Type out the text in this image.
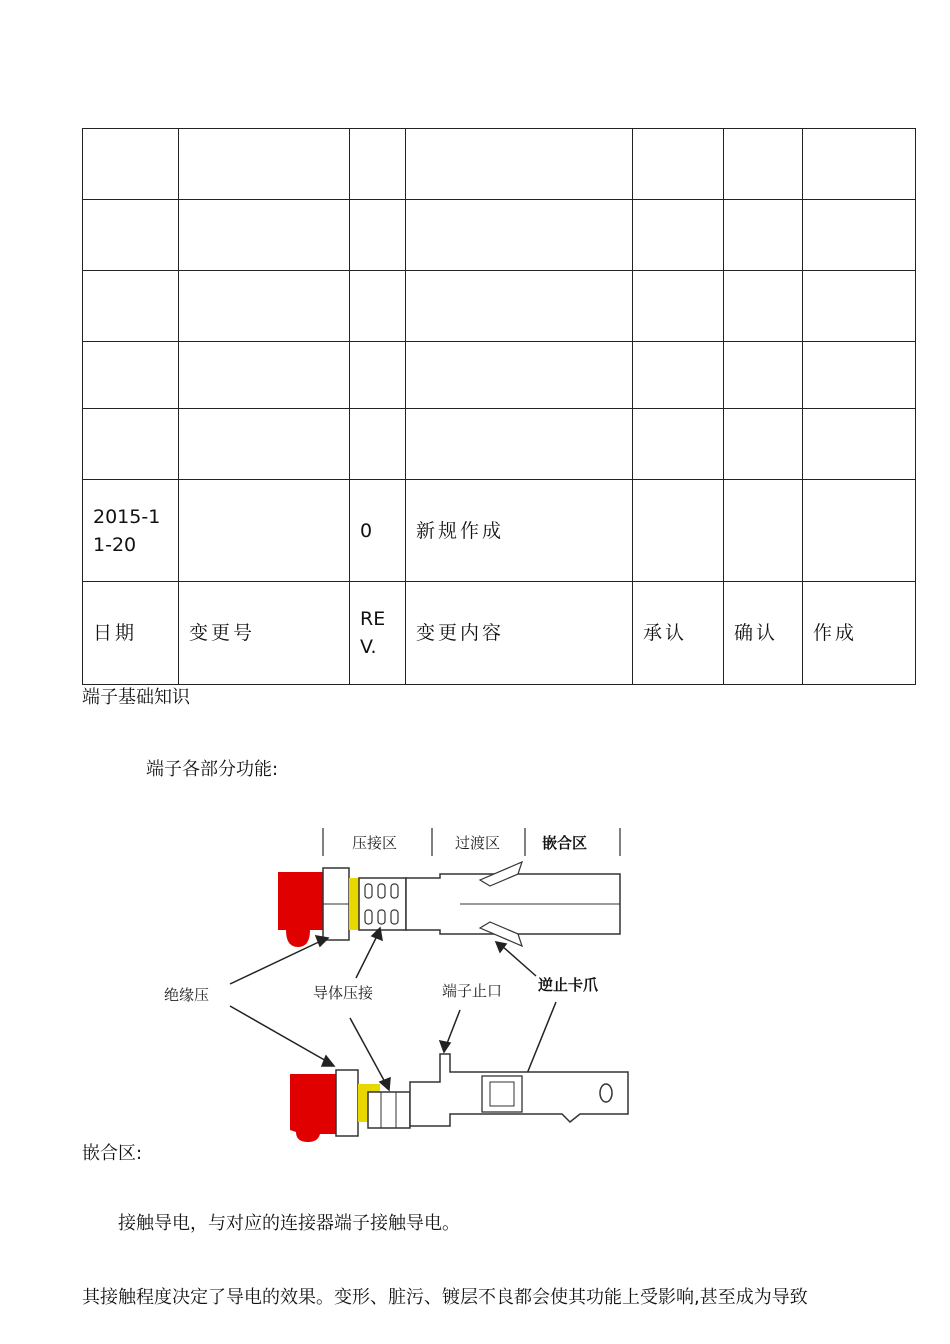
2015-11-20		0	新规作成			
日期	变更号	REV.	变更内容	承认	确认	作成
端子基础知识
端子各部分功能:
压接区	过渡区	嵌合区
绝缘压	导体压接	端子止口 逆止卡爪
嵌合区:
接触导电，与对应的连接器端子接触导电。
其接触程度决定了导电的效果。变形、脏污、镀层不良都会使其功能上受影响,甚至成为导致
